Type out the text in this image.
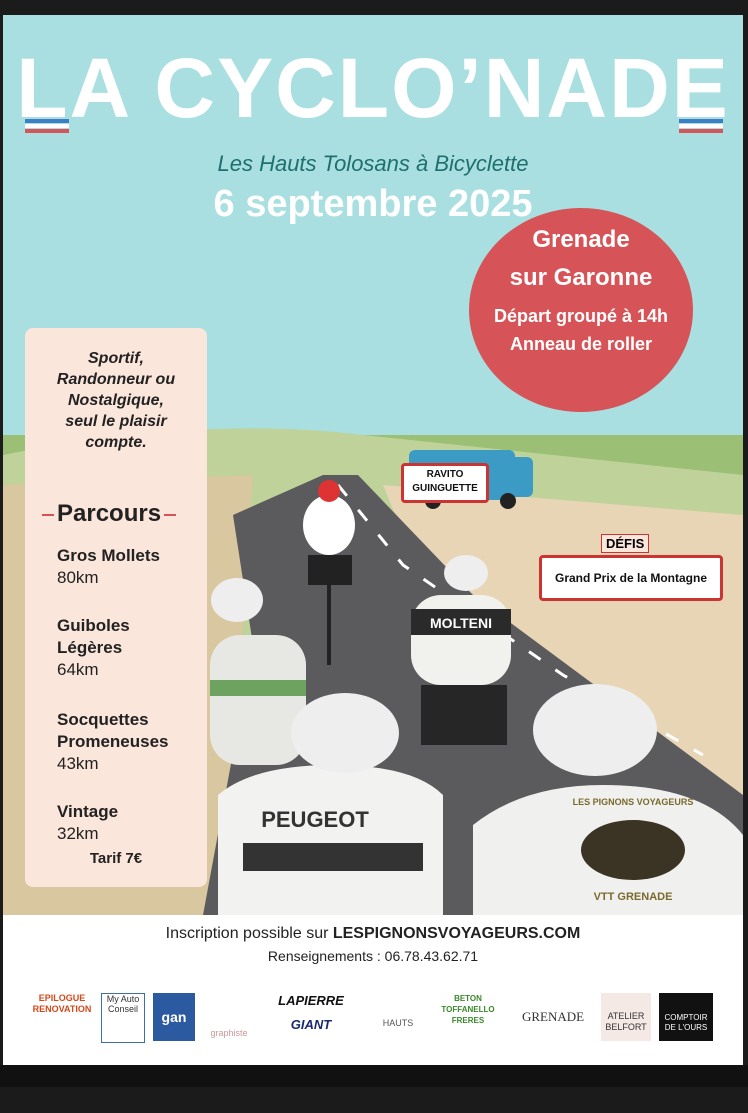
MOLTENI
PEUGEOT
LES PIGNONS VOYAGEURS
VTT GRENADE
LA CYCLO’NADE
Les Hauts Tolosans à Bicyclette
6 septembre 2025
Grenade
sur Garonne
Départ groupé à 14h
Anneau de roller
RAVITO
GUINGUETTE
DÉFIS
Grand Prix de la Montagne
Sportif,
Randonneur ou
Nostalgique,
seul le plaisir
compte.
Parcours
Gros Mollets
80km
Guiboles Légères
64km
Socquettes Promeneuses
43km
Vintage
32km
Tarif 7€
Inscription possible sur LESPIGNONSVOYAGEURS.COM
Renseignements : 06.78.43.62.71
EPILOGUE RENOVATION
My Auto Conseil	gan
graphiste
LAPIERRE
GIANT	HAUTS
BETON TOFFANELLO FRERES	GRENADE	ATELIER BELFORT
COMPTOIR DE L'OURS
